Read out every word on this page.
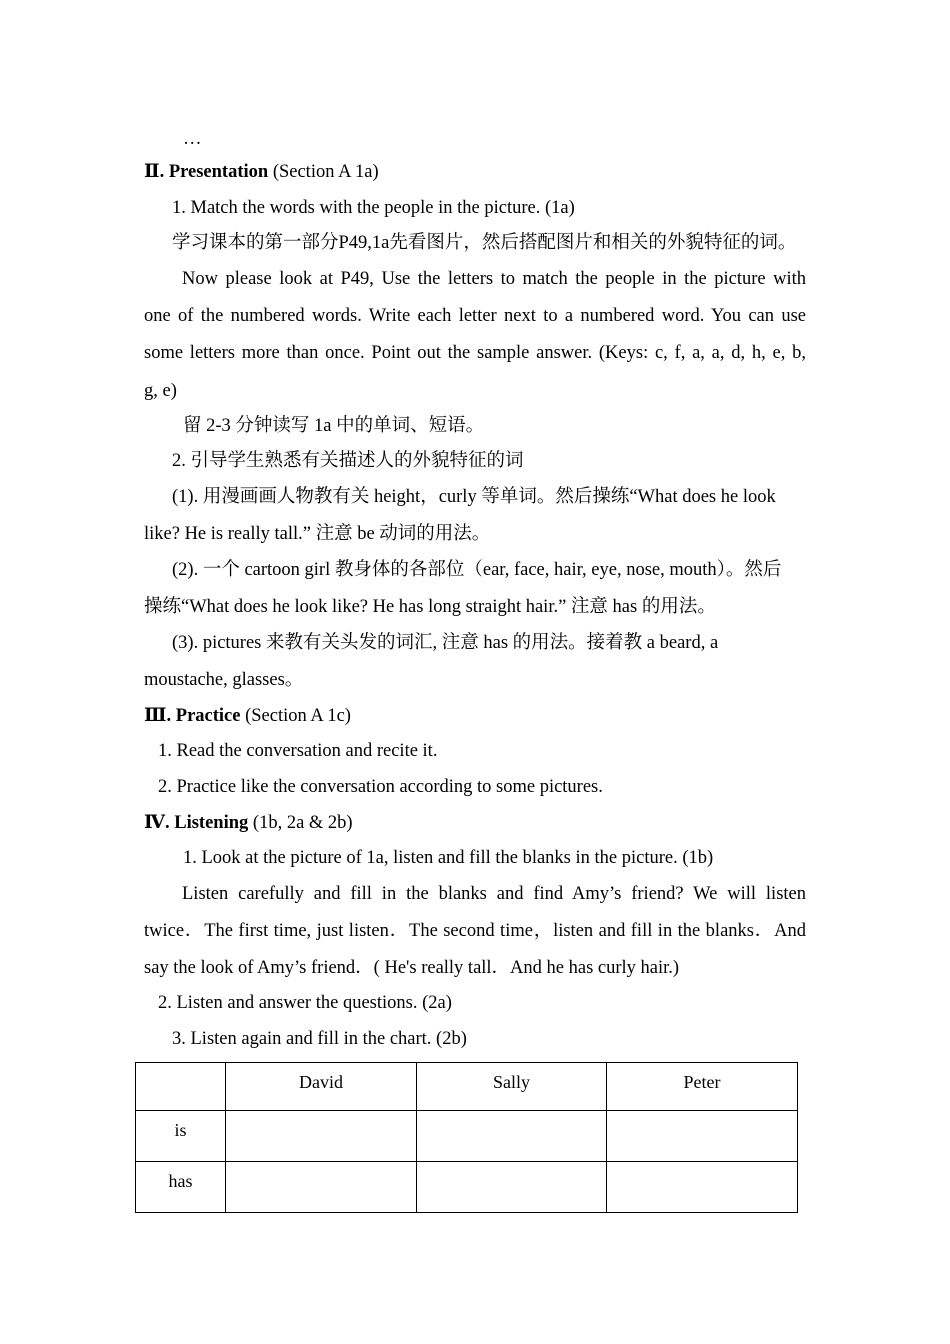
…
Ⅱ. Presentation (Section A 1a)
1. Match the words with the people in the picture. (1a)
学习课本的第一部分P49,1a先看图片，然后搭配图片和相关的外貌特征的词。
Now please look at P49, Use the letters to match the people in the picture with
one of the numbered words. Write each letter next to a numbered word. You can use
some letters more than once. Point out the sample answer. (Keys: c, f, a, a, d, h, e, b,
g, e)
留 2-3 分钟读写 1a 中的单词、短语。
2. 引导学生熟悉有关描述人的外貌特征的词
(1). 用漫画画人物教有关 height，curly 等单词。然后操练“What does he look
like? He is really tall.” 注意 be 动词的用法。
(2). 一个 cartoon girl 教身体的各部位（ear, face, hair, eye, nose, mouth）。然后
操练“What does he look like? He has long straight hair.” 注意 has 的用法。
(3). pictures 来教有关头发的词汇, 注意 has 的用法。接着教 a beard, a
moustache, glasses。
Ⅲ. Practice (Section A 1c)
1. Read the conversation and recite it.
2. Practice like the conversation according to some pictures.
Ⅳ. Listening (1b, 2a & 2b)
1. Look at the picture of 1a, listen and fill the blanks in the picture. (1b)
Listen carefully and fill in the blanks and find Amy’s friend? We will listen
twice．The first time, just listen．The second time，listen and fill in the blanks．And
say the look of Amy’s friend．( He's really tall．And he has curly hair.)
2. Listen and answer the questions. (2a)
3. Listen again and fill in the chart. (2b)
	David	Sally	Peter
is			
has			
